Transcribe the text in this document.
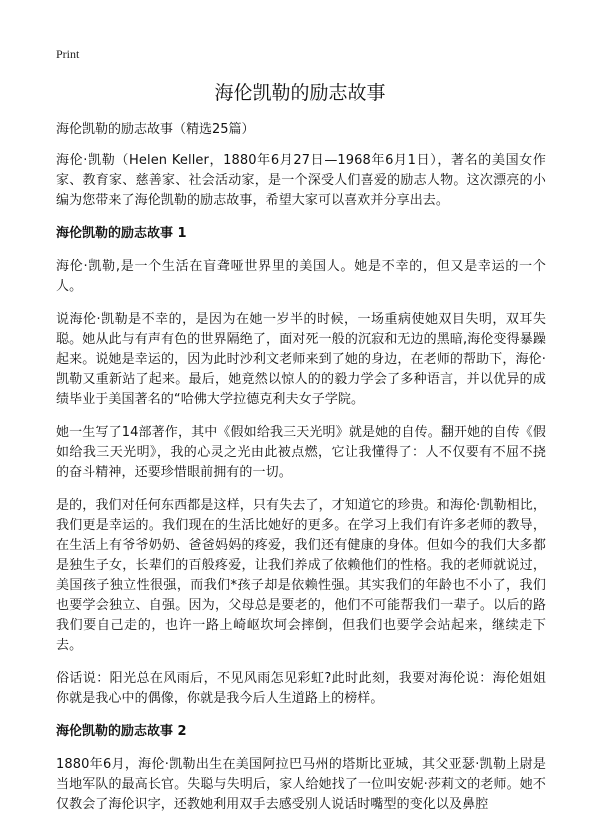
Print
海伦凯勒的励志故事
海伦凯勒的励志故事（精选25篇）

海伦·凯勒（Helen Keller，1880年6月27日—1968年6月1日），著名的美国女作家、教育家、慈善家、社会活动家，是一个深受人们喜爱的励志人物。这次漂亮的小编为您带来了海伦凯勒的励志故事，希望大家可以喜欢并分享出去。

海伦凯勒的励志故事 1

海伦·凯勒,是一个生活在盲聋哑世界里的美国人。她是不幸的，但又是幸运的一个人。

说海伦·凯勒是不幸的，是因为在她一岁半的时候，一场重病使她双目失明，双耳失聪。她从此与有声有色的世界隔绝了，面对死一般的沉寂和无边的黑暗,海伦变得暴躁起来。说她是幸运的，因为此时沙利文老师来到了她的身边，在老师的帮助下，海伦·凯勒又重新站了起来。最后，她竟然以惊人的的毅力学会了多种语言，并以优异的成绩毕业于美国著名的“哈佛大学拉德克利夫女子学院。

她一生写了14部著作，其中《假如给我三天光明》就是她的自传。翻开她的自传《假如给我三天光明》，我的心灵之光由此被点燃，它让我懂得了：人不仅要有不屈不挠的奋斗精神，还要珍惜眼前拥有的一切。

是的，我们对任何东西都是这样，只有失去了，才知道它的珍贵。和海伦·凯勒相比，我们更是幸运的。我们现在的生活比她好的更多。在学习上我们有许多老师的教导，在生活上有爷爷奶奶、爸爸妈妈的疼爱，我们还有健康的身体。但如今的我们大多都是独生子女，长辈们的百般疼爱，让我们养成了依赖他们的性格。我的老师就说过，美国孩子独立性很强，而我们*孩子却是依赖性强。其实我们的年龄也不小了，我们也要学会独立、自强。因为，父母总是要老的，他们不可能帮我们一辈子。以后的路我们要自己走的，也许一路上崎岖坎坷会摔倒，但我们也要学会站起来，继续走下去。

俗话说：阳光总在风雨后，不见风雨怎见彩虹?此时此刻，我要对海伦说：海伦姐姐你就是我心中的偶像，你就是我今后人生道路上的榜样。

海伦凯勒的励志故事 2

1880年6月，海伦·凯勒出生在美国阿拉巴马州的塔斯比亚城，其父亚瑟·凯勒上尉是当地军队的最高长官。失聪与失明后，家人给她找了一位叫安妮·莎莉文的老师。她不仅教会了海伦识字，还教她利用双手去感受别人说话时嘴型的变化以及鼻腔
